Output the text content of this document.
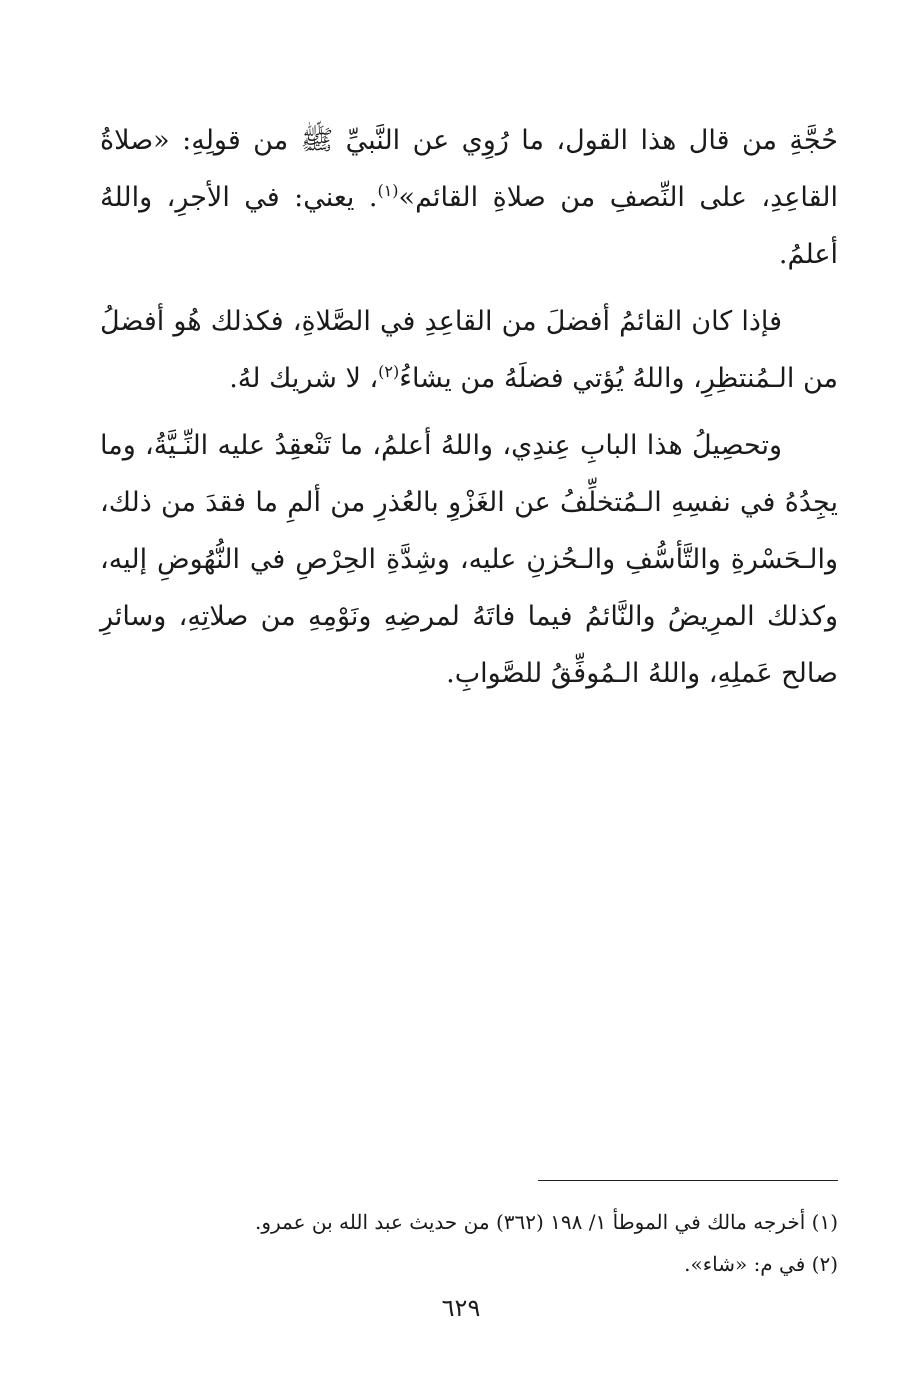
حُجَّةِ من قال هذا القول، ما رُوِي عن النَّبيِّ ﷺ من قولِهِ: «صلاةُ القاعِدِ، على النِّصفِ من صلاةِ القائم»$^{(١)}$. يعني: في الأجرِ، واللهُ أعلمُ.

فإذا كان القائمُ أفضلَ من القاعِدِ في الصَّلاةِ، فكذلك هُو أفضلُ من الـمُنتظِرِ، واللهُ يُؤتي فضلَهُ من يشاءُ$^{(٢)}$، لا شريك لهُ.

وتحصِيلُ هذا البابِ عِندِي، واللهُ أعلمُ، ما تَنْعقِدُ عليه النِّـيَّةُ، وما يجِدُهُ في نفسِهِ الـمُتخلِّفُ عن الغَزْوِ بالعُذرِ من ألمِ ما فقدَ من ذلك، والـحَسْرةِ والتَّأسُّفِ والـحُزنِ عليه، وشِدَّةِ الحِرْصِ في النُّهُوضِ إليه، وكذلك المرِيضُ والنَّائمُ فيما فاتَهُ لمرضِهِ ونَوْمِهِ من صلاتِهِ، وسائرِ صالح عَملِهِ، واللهُ الـمُوفِّقُ للصَّوابِ.

(١) أخرجه مالك في الموطأ ١/ ١٩٨ (٣٦٢) من حديث عبد الله بن عمرو.

(٢) في م: «شاء».

٦٢٩
